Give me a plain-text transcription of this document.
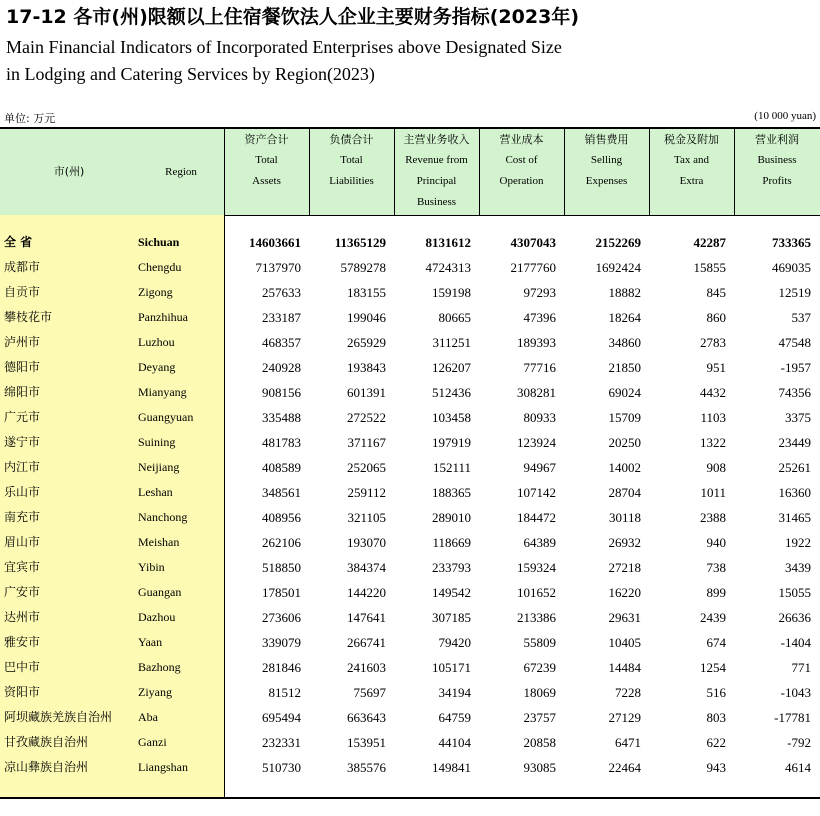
17-12 各市(州)限额以上住宿餐饮法人企业主要财务指标(2023年)
Main Financial Indicators of Incorporated Enterprises above Designated Size
in Lodging and Catering Services by Region(2023)
单位: 万元	(10 000 yuan)
市(州)	Region
资产合计
Total
Assets
负债合计
Total
Liabilities
主营业务收入
Revenue from
Principal
Business
营业成本
Cost of
Operation
销售费用
Selling
Expenses
税金及附加
Tax and
Extra
营业利润
Business
Profits
全 省	Sichuan	14603661	11365129	8131612	4307043	2152269	42287	733365
成都市	Chengdu	7137970	5789278	4724313	2177760	1692424	15855	469035
自贡市	Zigong	257633	183155	159198	97293	18882	845	12519
攀枝花市	Panzhihua	233187	199046	80665	47396	18264	860	537
泸州市	Luzhou	468357	265929	311251	189393	34860	2783	47548
德阳市	Deyang	240928	193843	126207	77716	21850	951	-1957
绵阳市	Mianyang	908156	601391	512436	308281	69024	4432	74356
广元市	Guangyuan	335488	272522	103458	80933	15709	1103	3375
遂宁市	Suining	481783	371167	197919	123924	20250	1322	23449
内江市	Neijiang	408589	252065	152111	94967	14002	908	25261
乐山市	Leshan	348561	259112	188365	107142	28704	1011	16360
南充市	Nanchong	408956	321105	289010	184472	30118	2388	31465
眉山市	Meishan	262106	193070	118669	64389	26932	940	1922
宜宾市	Yibin	518850	384374	233793	159324	27218	738	3439
广安市	Guangan	178501	144220	149542	101652	16220	899	15055
达州市	Dazhou	273606	147641	307185	213386	29631	2439	26636
雅安市	Yaan	339079	266741	79420	55809	10405	674	-1404
巴中市	Bazhong	281846	241603	105171	67239	14484	1254	771
资阳市	Ziyang	81512	75697	34194	18069	7228	516	-1043
阿坝藏族羌族自治州 Aba	695494	663643	64759	23757	27129	803	-17781
甘孜藏族自治州	Ganzi	232331	153951	44104	20858	6471	622	-792
凉山彝族自治州	Liangshan	510730	385576	149841	93085	22464	943	4614
